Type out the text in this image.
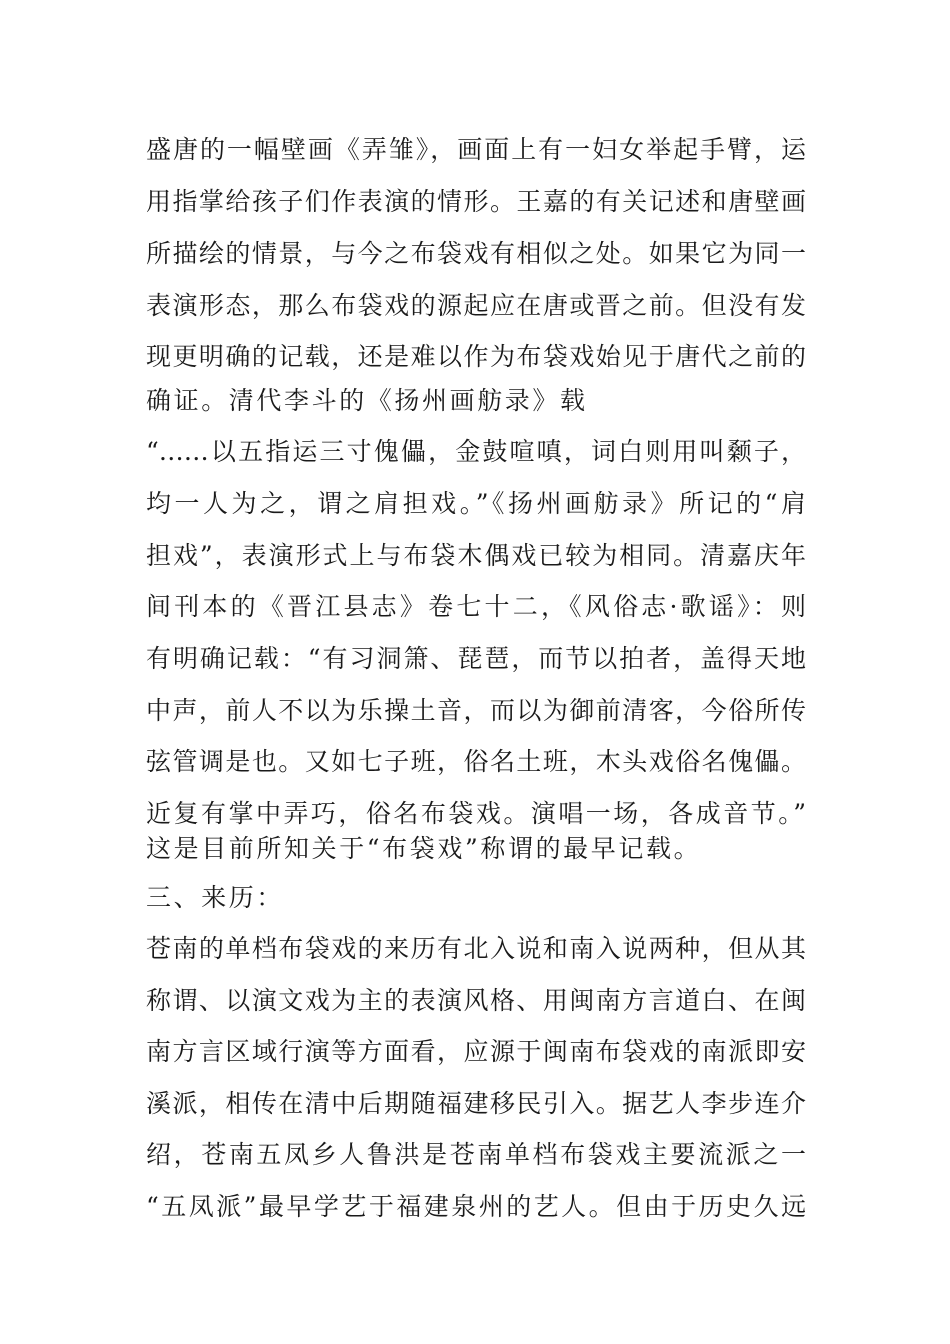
盛唐的一幅壁画《弄雏》，画面上有一妇女举起手臂，运
用指掌给孩子们作表演的情形。王嘉的有关记述和唐壁画
所描绘的情景，与今之布袋戏有相似之处。如果它为同一
表演形态，那么布袋戏的源起应在唐或晋之前。但没有发
现更明确的记载，还是难以作为布袋戏始见于唐代之前的
确证。清代李斗的《扬州画舫录》载
“……以五指运三寸傀儡，金鼓喧嗔，词白则用叫颡子，
均一人为之，谓之肩担戏。”《扬州画舫录》所记的“肩
担戏”，表演形式上与布袋木偶戏已较为相同。清嘉庆年
间刊本的《晋江县志》卷七十二，《风俗志·歌谣》：则
有明确记载：“有习洞箫、琵琶，而节以拍者，盖得天地
中声，前人不以为乐操土音，而以为御前清客，今俗所传
弦管调是也。又如七子班，俗名土班，木头戏俗名傀儡。
近复有掌中弄巧，俗名布袋戏。演唱一场，各成音节。”
这是目前所知关于“布袋戏”称谓的最早记载。
三、来历：
苍南的单档布袋戏的来历有北入说和南入说两种，但从其
称谓、以演文戏为主的表演风格、用闽南方言道白、在闽
南方言区域行演等方面看，应源于闽南布袋戏的南派即安
溪派，相传在清中后期随福建移民引入。据艺人李步连介
绍，苍南五凤乡人鲁洪是苍南单档布袋戏主要流派之一
“五凤派”最早学艺于福建泉州的艺人。但由于历史久远
